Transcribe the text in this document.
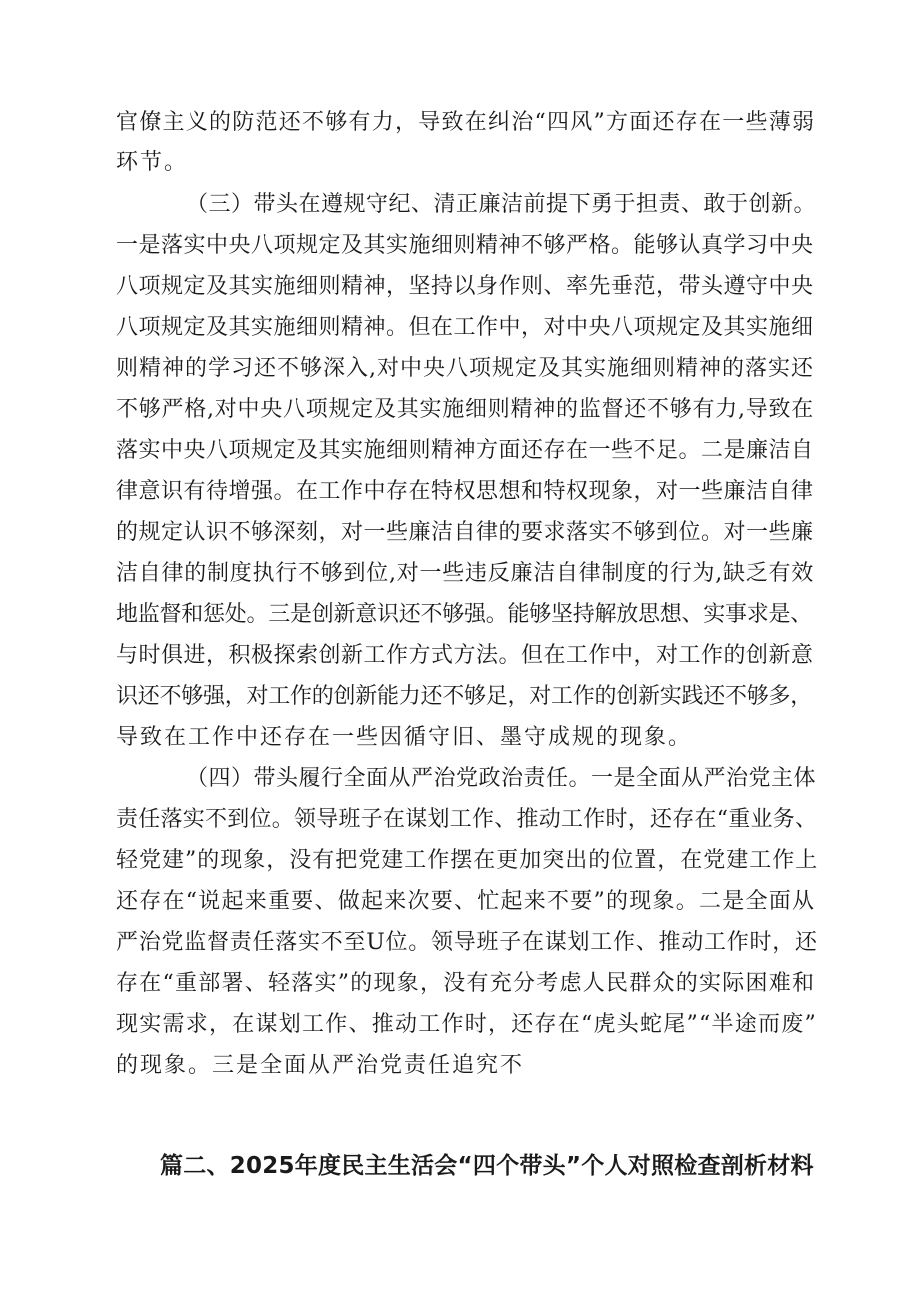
官僚主义的防范还不够有力，导致在纠治“四风”方面还存在一些薄弱
环节。
（三）带头在遵规守纪、清正廉洁前提下勇于担责、敢于创新。
一是落实中央八项规定及其实施细则精神不够严格。能够认真学习中央
八项规定及其实施细则精神，坚持以身作则、率先垂范，带头遵守中央
八项规定及其实施细则精神。但在工作中，对中央八项规定及其实施细
则精神的学习还不够深入,对中央八项规定及其实施细则精神的落实还
不够严格,对中央八项规定及其实施细则精神的监督还不够有力,导致在
落实中央八项规定及其实施细则精神方面还存在一些不足。二是廉洁自
律意识有待增强。在工作中存在特权思想和特权现象，对一些廉洁自律
的规定认识不够深刻，对一些廉洁自律的要求落实不够到位。对一些廉
洁自律的制度执行不够到位,对一些违反廉洁自律制度的行为,缺乏有效
地监督和惩处。三是创新意识还不够强。能够坚持解放思想、实事求是、
与时俱进，积极探索创新工作方式方法。但在工作中，对工作的创新意
识还不够强，对工作的创新能力还不够足，对工作的创新实践还不够多，
导致在工作中还存在一些因循守旧、墨守成规的现象。
（四）带头履行全面从严治党政治责任。一是全面从严治党主体
责任落实不到位。领导班子在谋划工作、推动工作时，还存在“重业务、
轻党建”的现象，没有把党建工作摆在更加突出的位置，在党建工作上
还存在“说起来重要、做起来次要、忙起来不要”的现象。二是全面从
严治党监督责任落实不至U位。领导班子在谋划工作、推动工作时，还
存在“重部署、轻落实”的现象，没有充分考虑人民群众的实际困难和
现实需求，在谋划工作、推动工作时，还存在“虎头蛇尾”“半途而废”
的现象。三是全面从严治党责任追究不
篇二、2025年度民主生活会“四个带头”个人对照检查剖析材料
